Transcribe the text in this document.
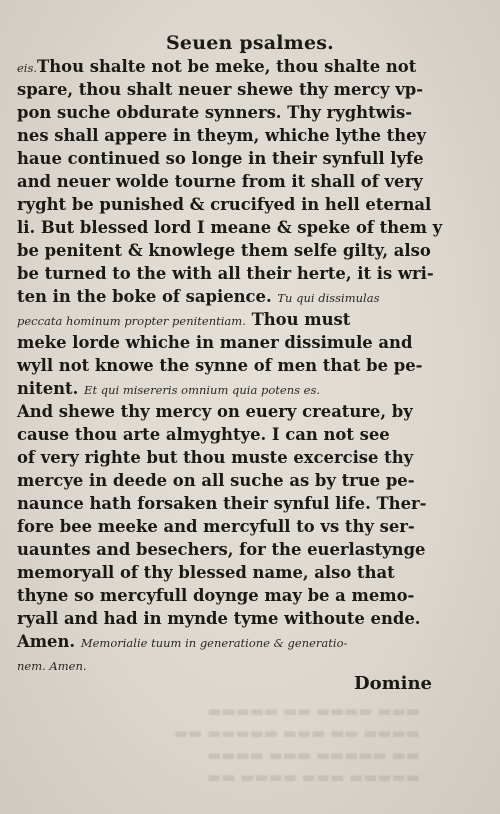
▬▬▬ ▬▬▬▬ ▬▬ ▬▬▬▬▬
▬▬▬▬ ▬▬ ▬▬▬ ▬▬▬▬▬ ▬▬
▬▬ ▬▬▬▬▬ ▬▬▬ ▬▬▬▬
▬▬▬▬▬ ▬▬▬ ▬▬▬▬ ▬▬
Seuen psalmes.
eis.Thou shalte not be meke, thou shalte not
spare, thou shalt neuer shewe thy mercy vp-
pon suche obdurate synners. Thy ryghtwis-
nes shall appere in theym, whiche lythe they
haue continued so longe in their synfull lyfe
and neuer wolde tourne from it shall of very
ryght be punished & crucifyed in hell eternal
li. But blessed lord I meane & speke of them y
be penitent & knowlege them selfe gilty, also
be turned to the with all their herte, it is wri-
ten in the boke of sapience. Tu qui dissimulas
peccata hominum propter penitentiam. Thou must
meke lorde whiche in maner dissimule and
wyll not knowe the synne of men that be pe-
nitent. Et qui misereris omnium quia potens es.
And shewe thy mercy on euery creature, by
cause thou arte almyghtye. I can not see
of very righte but thou muste excercise thy
mercye in deede on all suche as by true pe-
naunce hath forsaken their synful life. Ther-
fore bee meeke and mercyfull to vs thy ser-
uauntes and besechers, for the euerlastynge
memoryall of thy blessed name, also that
thyne so mercyfull doynge may be a memo-
ryall and had in mynde tyme withoute ende.
Amen. Memorialie tuum in generatione & generatio-
nem. Amen.
Domine
